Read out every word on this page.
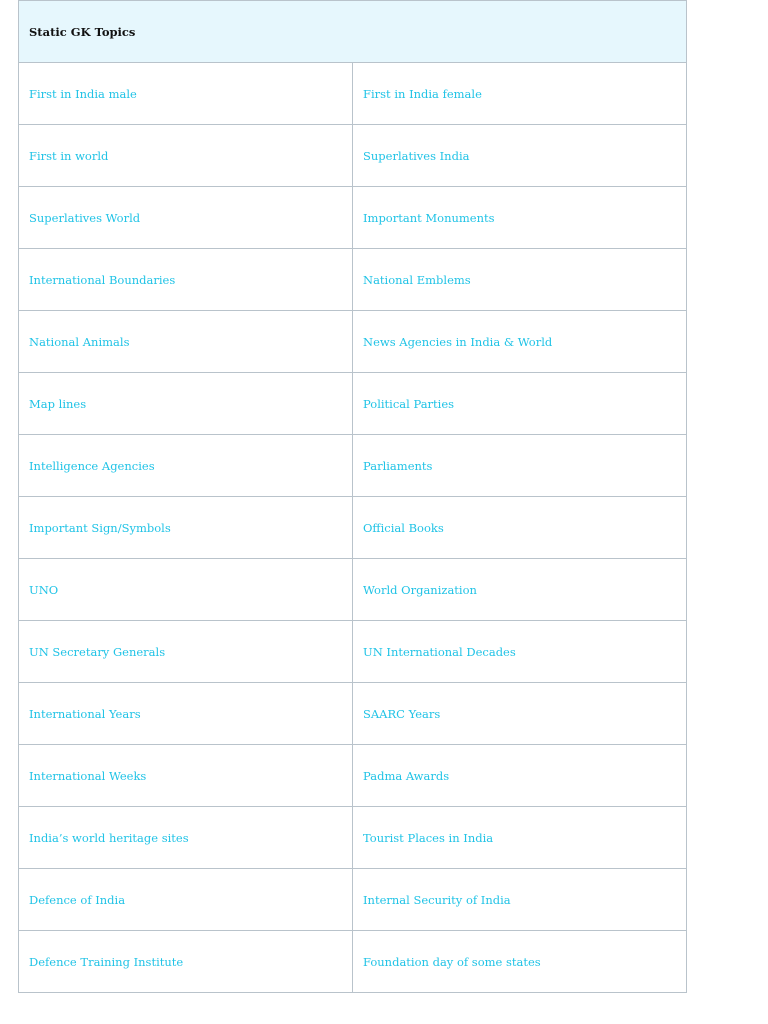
Static GK Topics	
First in India male	First in India female
First in world	Superlatives India
Superlatives World	Important Monuments
International Boundaries	National Emblems
National Animals	News Agencies in India & World
Map lines	Political Parties
Intelligence Agencies	Parliaments
Important Sign/Symbols	Official Books
UNO	World Organization
UN Secretary Generals	UN International Decades
International Years	SAARC Years
International Weeks	Padma Awards
India’s world heritage sites	Tourist Places in India
Defence of India	Internal Security of India
Defence Training Institute	Foundation day of some states
